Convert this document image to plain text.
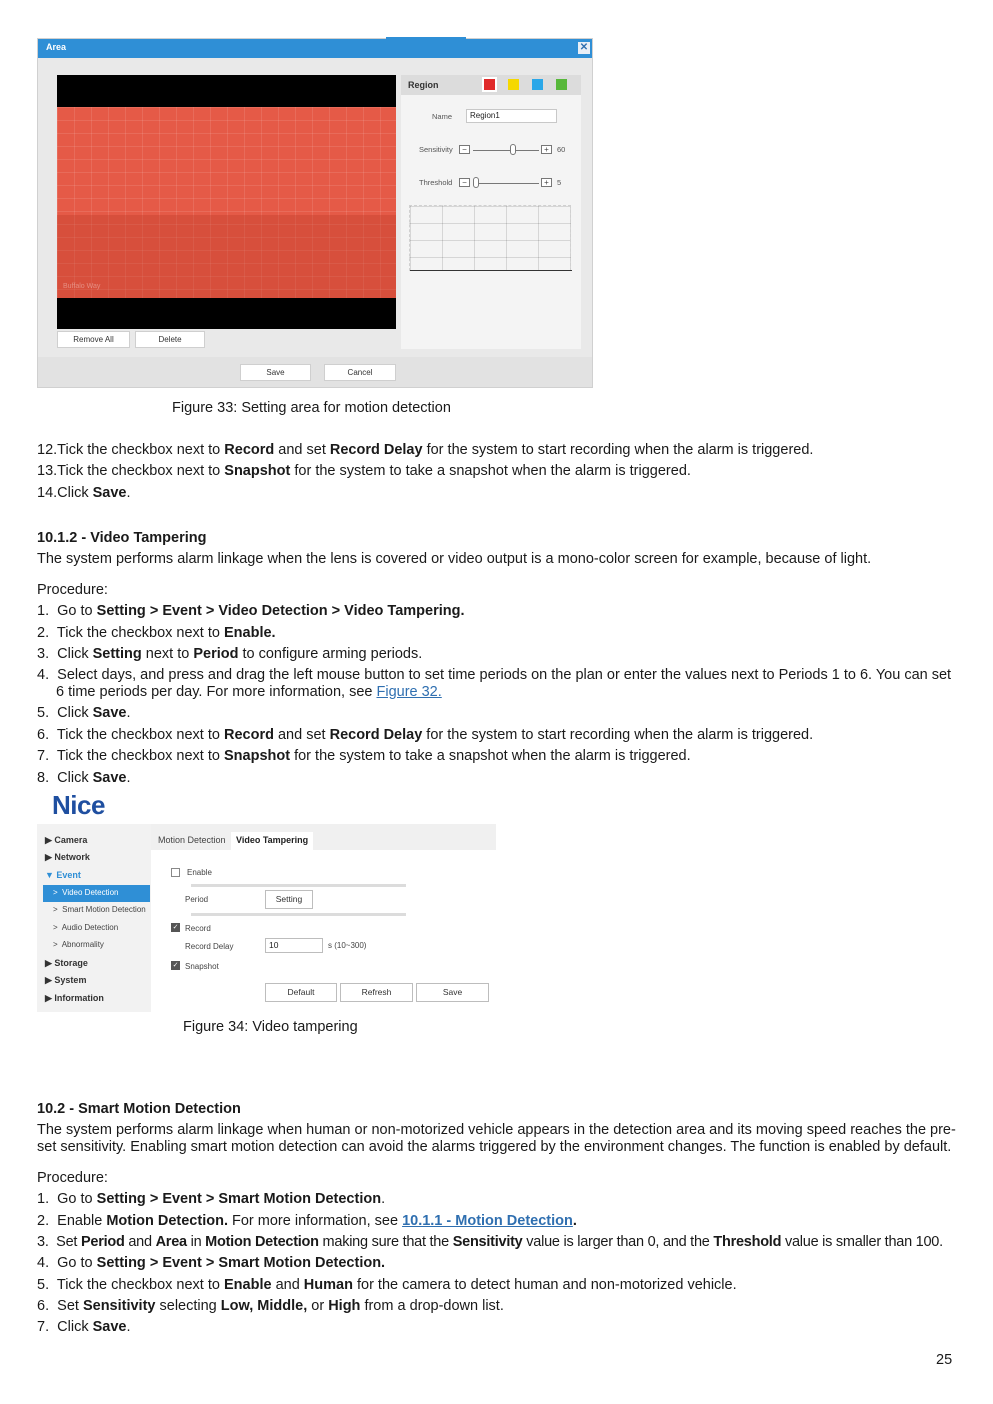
Area	✕
Buffalo Way
Remove All	Delete
Region
Name	Region1
Sensitivity	−	+	60
Threshold	−	+	5
Save	Cancel
Figure 33: Setting area for motion detection
12.Tick the checkbox next to Record and set Record Delay for the system to start recording when the alarm is triggered.
13.Tick the checkbox next to Snapshot for the system to take a snapshot when the alarm is triggered.
14.Click Save.
10.1.2 - Video Tampering
The system performs alarm linkage when the lens is covered or video output is a mono-color screen for example, because of light.
Procedure:
1. Go to Setting > Event > Video Detection > Video Tampering.
2. Tick the checkbox next to Enable.
3. Click Setting next to Period to configure arming periods.
4. Select days, and press and drag the left mouse button to set time periods on the plan or enter the values next to Periods 1 to 6. You can set
6 time periods per day. For more information, see Figure 32.
5. Click Save.
6. Tick the checkbox next to Record and set Record Delay for the system to start recording when the alarm is triggered.
7. Tick the checkbox next to Snapshot for the system to take a snapshot when the alarm is triggered.
8. Click Save.
Nice
▶ Camera
▶ Network
▼ Event
>  Video Detection
>  Smart Motion Detection
>  Audio Detection
>  Abnormality
▶ Storage
▶ System
▶ Information
Motion Detection	Video Tampering
Enable
Period	Setting
✓ Record
Record Delay	10	s (10~300)
✓ Snapshot
Default	Refresh	Save
Figure 34: Video tampering
10.2 - Smart Motion Detection
The system performs alarm linkage when human or non-motorized vehicle appears in the detection area and its moving speed reaches the pre-
set sensitivity. Enabling smart motion detection can avoid the alarms triggered by the environment changes. The function is enabled by default.
Procedure:
1. Go to Setting > Event > Smart Motion Detection.
2. Enable Motion Detection. For more information, see 10.1.1 - Motion Detection.
3. Set Period and Area in Motion Detection making sure that the Sensitivity value is larger than 0, and the Threshold value is smaller than 100.
4. Go to Setting > Event > Smart Motion Detection.
5. Tick the checkbox next to Enable and Human for the camera to detect human and non-motorized vehicle.
6. Set Sensitivity selecting Low, Middle, or High from a drop-down list.
7. Click Save.
25
